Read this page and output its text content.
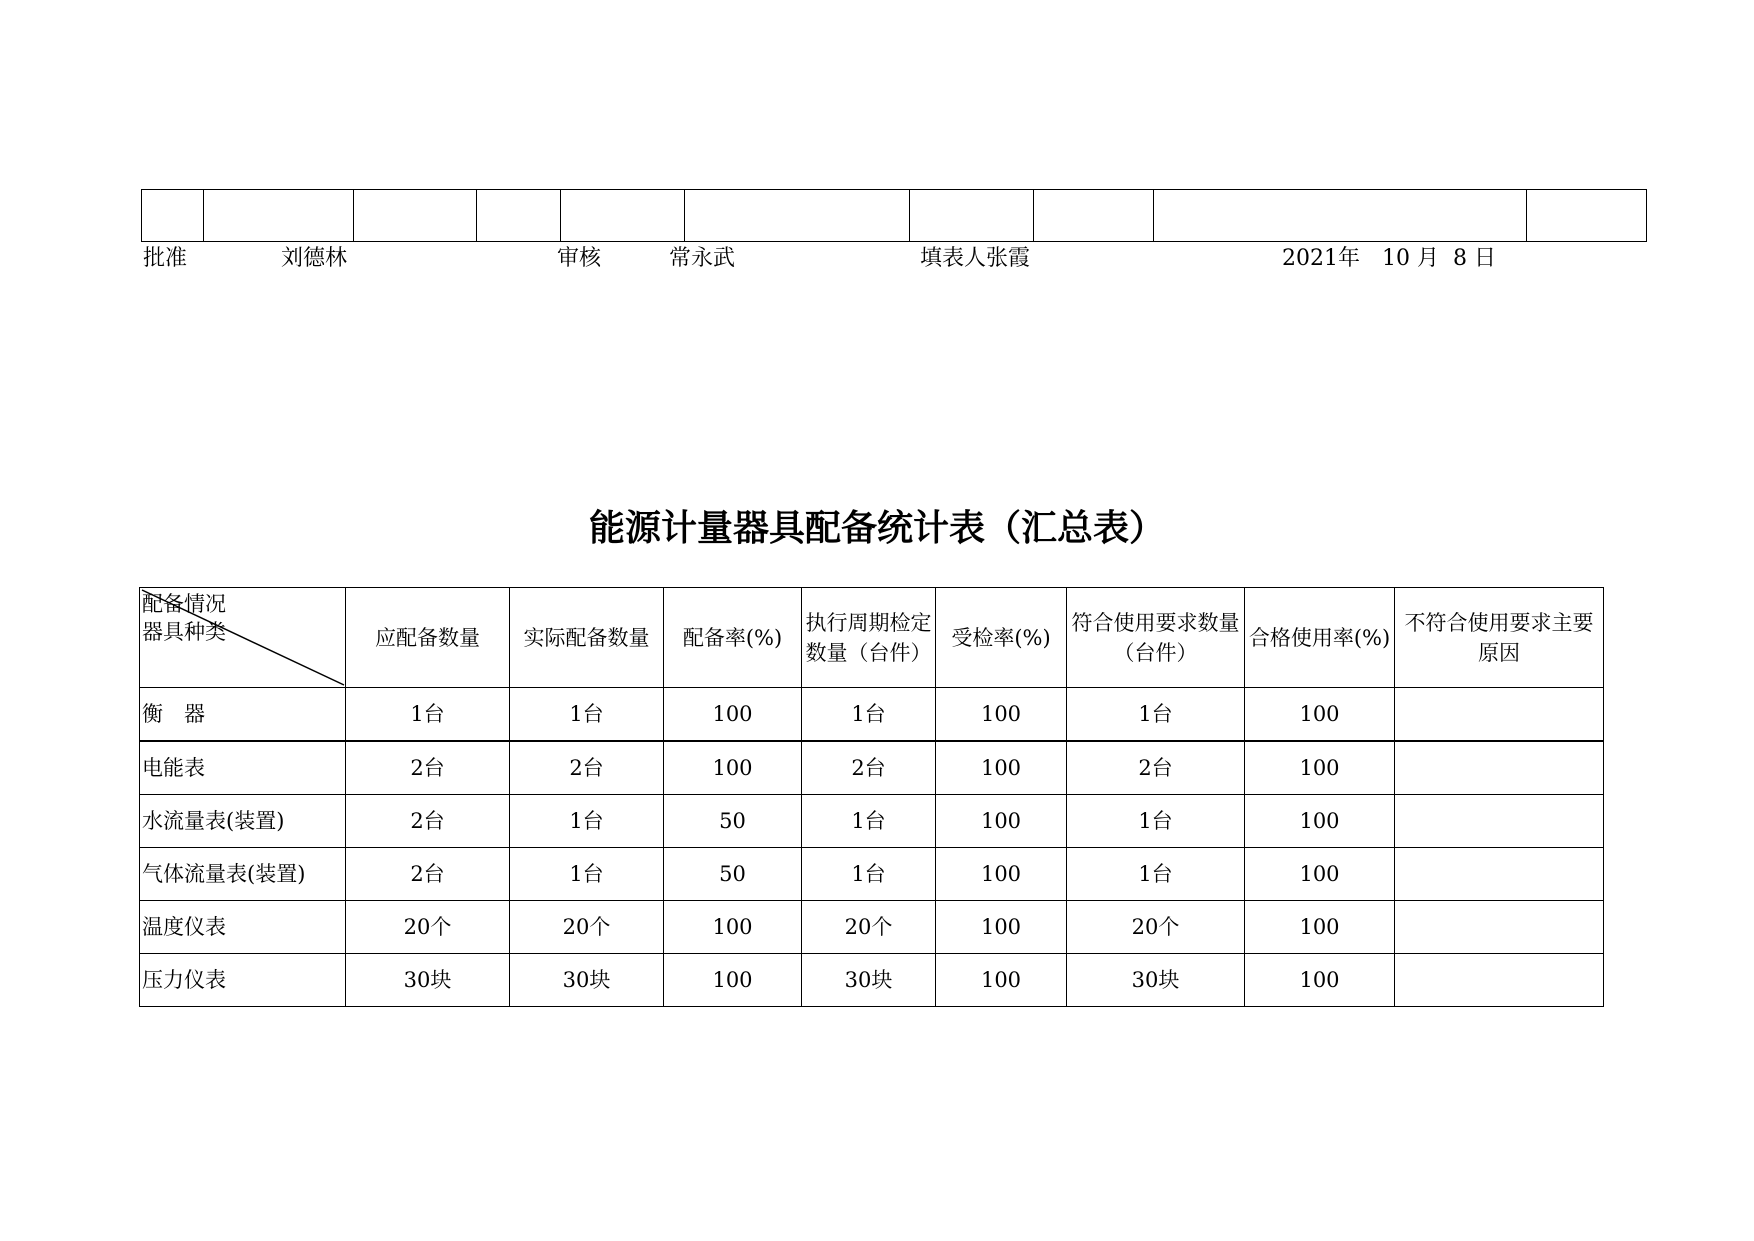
批准	刘德林	审核	常永武	填表人张霞	2021年　10 月  8 日
能源计量器具配备统计表（汇总表）
配备情况
器具种类	应配备数量	实际配备数量	配备率(%)	执行周期检定数量（台件）	受检率(%)	符合使用要求数量（台件）	合格使用率(%)	不符合使用要求主要原因
衡　器	1台	1台	100	1台	100	1台	100	
电能表	2台	2台	100	2台	100	2台	100	
水流量表(装置)	2台	1台	50	1台	100	1台	100	
气体流量表(装置)	2台	1台	50	1台	100	1台	100	
温度仪表	20个	20个	100	20个	100	20个	100	
压力仪表	30块	30块	100	30块	100	30块	100	
